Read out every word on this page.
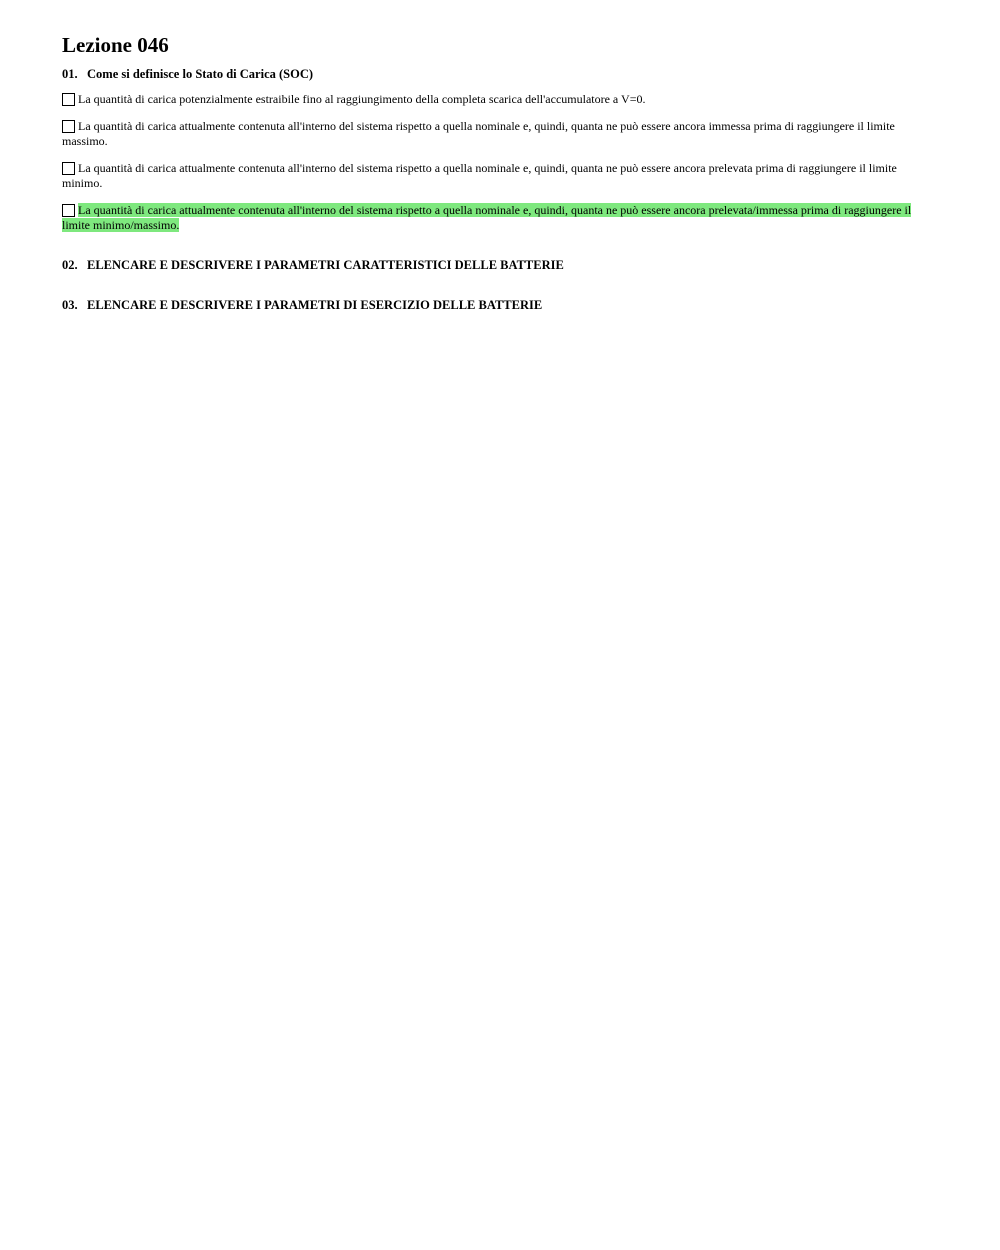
Lezione 046

01. Come si definisce lo Stato di Carica (SOC)

La quantità di carica potenzialmente estraibile fino al raggiungimento della completa scarica dell'accumulatore a V=0.

La quantità di carica attualmente contenuta all'interno del sistema rispetto a quella nominale e, quindi, quanta ne può essere ancora immessa prima di raggiungere il limite massimo.

La quantità di carica attualmente contenuta all'interno del sistema rispetto a quella nominale e, quindi, quanta ne può essere ancora prelevata prima di raggiungere il limite minimo.

La quantità di carica attualmente contenuta all'interno del sistema rispetto a quella nominale e, quindi, quanta ne può essere ancora prelevata/immessa prima di raggiungere il limite minimo/massimo.

02. ELENCARE E DESCRIVERE I PARAMETRI CARATTERISTICI DELLE BATTERIE

03. ELENCARE E DESCRIVERE I PARAMETRI DI ESERCIZIO DELLE BATTERIE
